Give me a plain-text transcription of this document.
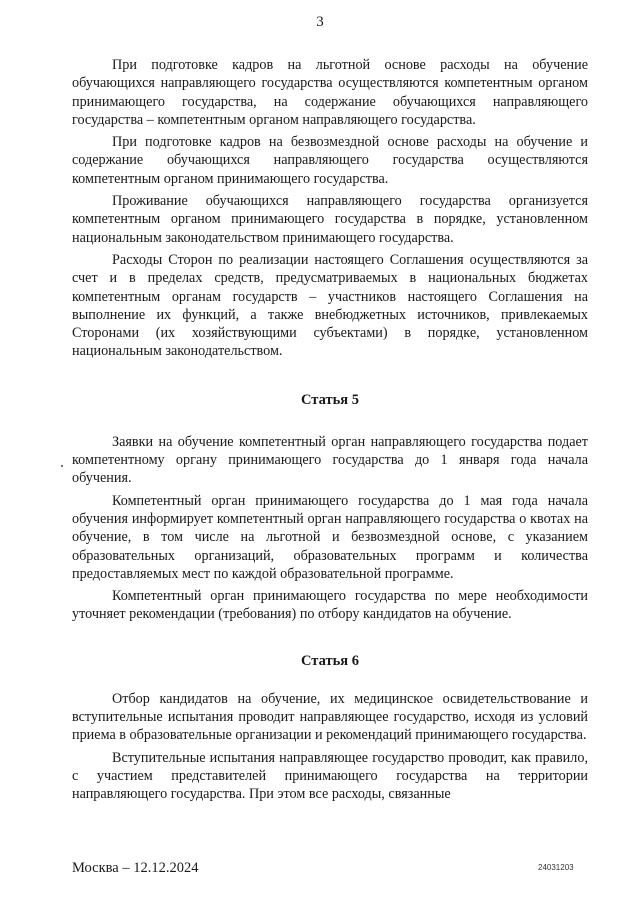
3

При подготовке кадров на льготной основе расходы на обучение обучающихся направляющего государства осуществляются компетентным органом принимающего государства, на содержание обучающихся направляющего государства – компетентным органом направляющего государства.

При подготовке кадров на безвозмездной основе расходы на обучение и содержание обучающихся направляющего государства осуществляются компетентным органом принимающего государства.

Проживание обучающихся направляющего государства организуется компетентным органом принимающего государства в порядке, установленном национальным законодательством принимающего государства.

Расходы Сторон по реализации настоящего Соглашения осуществляются за счет и в пределах средств, предусматриваемых в национальных бюджетах компетентным органам государств – участников настоящего Соглашения на выполнение их функций, а также внебюджетных источников, привлекаемых Сторонами (их хозяйствующими субъектами) в порядке, установленном национальным законодательством.

Статья 5

Заявки на обучение компетентный орган направляющего государства подает компетентному органу принимающего государства до 1 января года начала обучения.

Компетентный орган принимающего государства до 1 мая года начала обучения информирует компетентный орган направляющего государства о квотах на обучение, в том числе на льготной и безвозмездной основе, с указанием образовательных организаций, образовательных программ и количества предоставляемых мест по каждой образовательной программе.

Компетентный орган принимающего государства по мере необходимости уточняет рекомендации (требования) по отбору кандидатов на обучение.

Статья 6

Отбор кандидатов на обучение, их медицинское освидетельствование и вступительные испытания проводит направляющее государство, исходя из условий приема в образовательные организации и рекомендаций принимающего государства.

Вступительные испытания направляющее государство проводит, как правило, с участием представителей принимающего государства на территории направляющего государства. При этом все расходы, связанные

Москва – 12.12.2024	24031203
